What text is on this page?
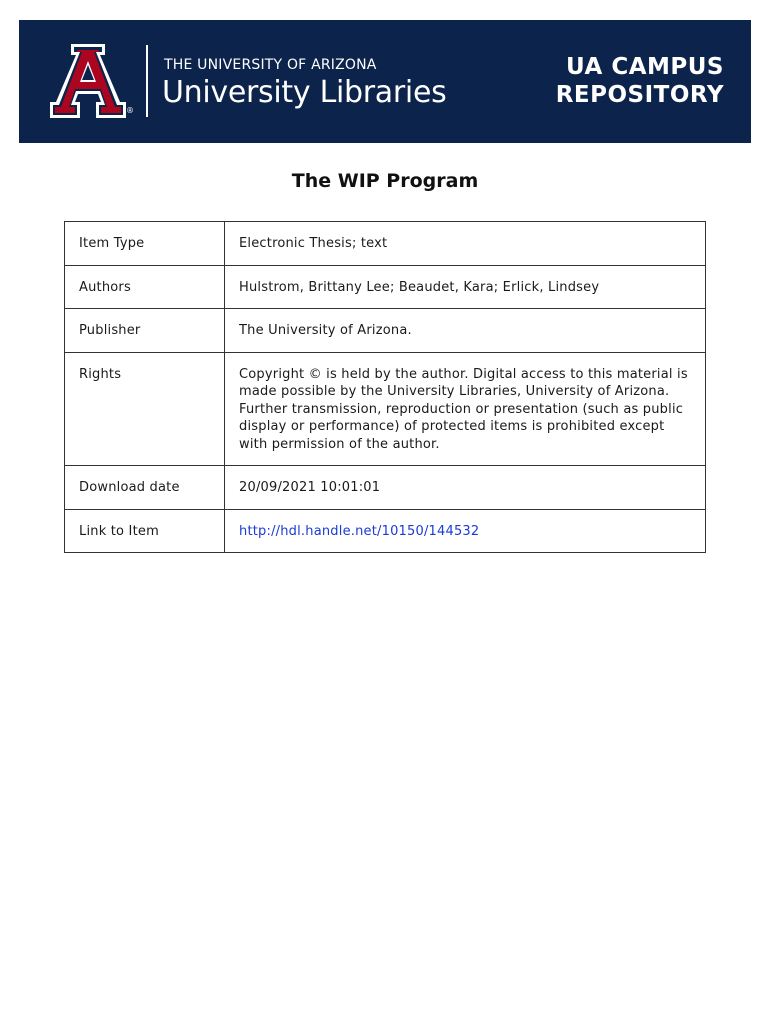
®
THE UNIVERSITY OF ARIZONA
University Libraries
UA CAMPUS
REPOSITORY
The WIP Program
Item Type	Electronic Thesis; text
Authors	Hulstrom, Brittany Lee; Beaudet, Kara; Erlick, Lindsey
Publisher	The University of Arizona.
Rights	Copyright © is held by the author. Digital access to this material is made possible by the University Libraries, University of Arizona. Further transmission, reproduction or presentation (such as public display or performance) of protected items is prohibited except with permission of the author.
Download date	20/09/2021 10:01:01
Link to Item	http://hdl.handle.net/10150/144532
